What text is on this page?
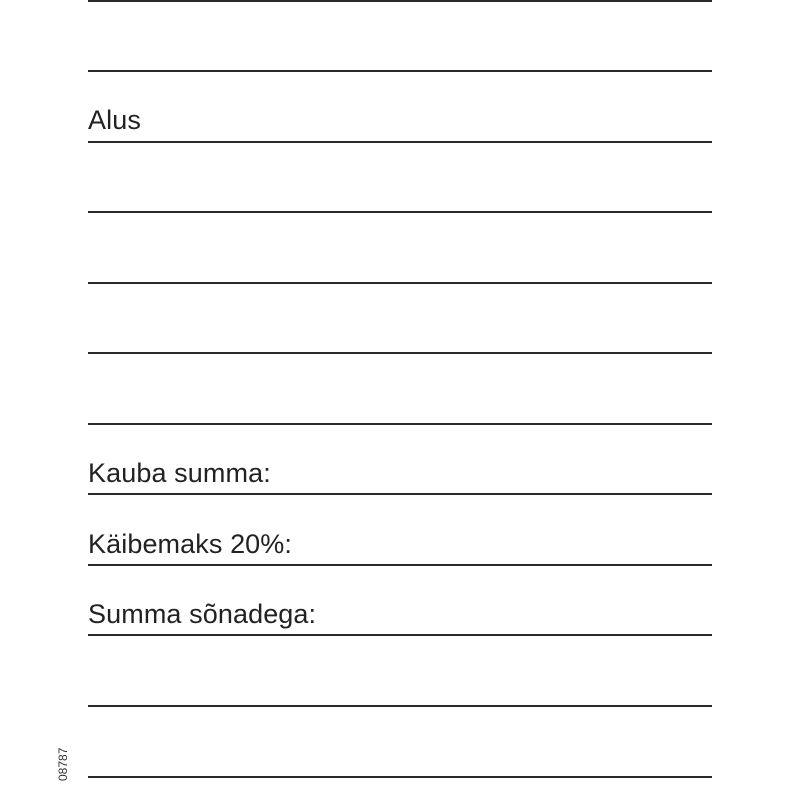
Alus
Kauba summa:
Käibemaks 20%:
Summa sõnadega:
08787
